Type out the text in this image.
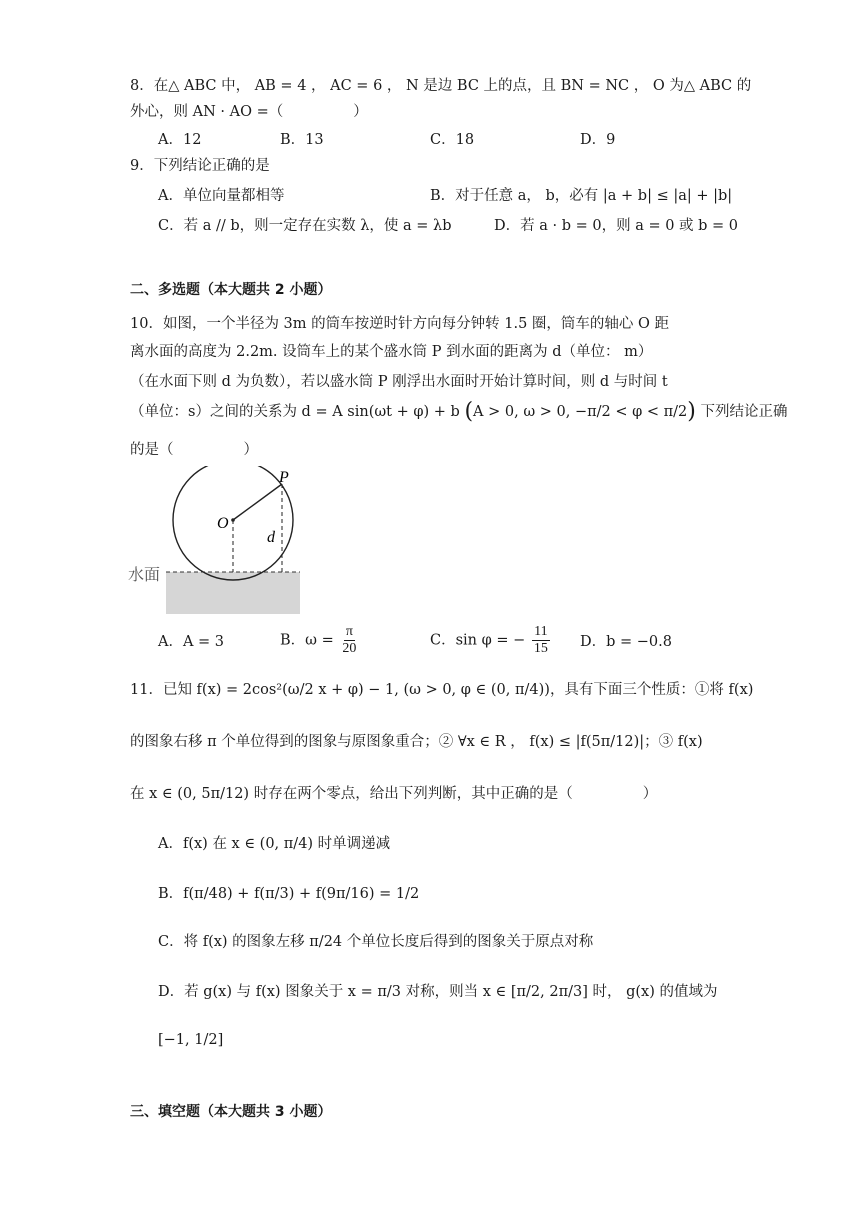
8．在△ ABC 中， AB = 4 ， AC = 6 ， N 是边 BC 上的点，且 BN = NC ， O 为△ ABC 的
外心，则 AN · AO =（	）
A．12	B．13	C．18	D．9
9．下列结论正确的是
A．单位向量都相等	B．对于任意 a， b，必有 |a + b| ≤ |a| + |b|
C．若 a // b，则一定存在实数 λ，使 a = λb	D．若 a · b = 0，则 a = 0 或 b = 0
二、多选题（本大题共 2 小题）
10．如图，一个半径为 3m 的筒车按逆时针方向每分钟转 1.5 圈，筒车的轴心 O 距
离水面的高度为 2.2m. 设筒车上的某个盛水筒 P 到水面的距离为 d（单位： m）
（在水面下则 d 为负数），若以盛水筒 P 刚浮出水面时开始计算时间，则 d 与时间 t
（单位：s）之间的关系为 d = A sin(ωt + φ) + b (A > 0, ω > 0, −π/2 < φ < π/2) 下列结论正确
的是（	）
P
O
d
水面
A．A = 3	B．$\omega = \frac{\pi}{20}$	C．sin φ = − $\frac{11}{15}$ D．b = −0.8
11．已知 f(x) = 2cos²(ω/2 x + φ) − 1, (ω > 0, φ ∈ (0, π/4))，具有下面三个性质：①将 f(x)
的图象右移 π 个单位得到的图象与原图象重合；② ∀x ∈ R ， f(x) ≤ |f(5π/12)|；③ f(x)
在 x ∈ (0, 5π/12) 时存在两个零点，给出下列判断，其中正确的是（	）
A．f(x) 在 x ∈ (0, π/4) 时单调递减
B．f(π/48) + f(π/3) + f(9π/16) = 1/2
C．将 f(x) 的图象左移 π/24 个单位长度后得到的图象关于原点对称
D．若 g(x) 与 f(x) 图象关于 x = π/3 对称，则当 x ∈ [π/2, 2π/3] 时， g(x) 的值域为
[−1, 1/2]
三、填空题（本大题共 3 小题）
